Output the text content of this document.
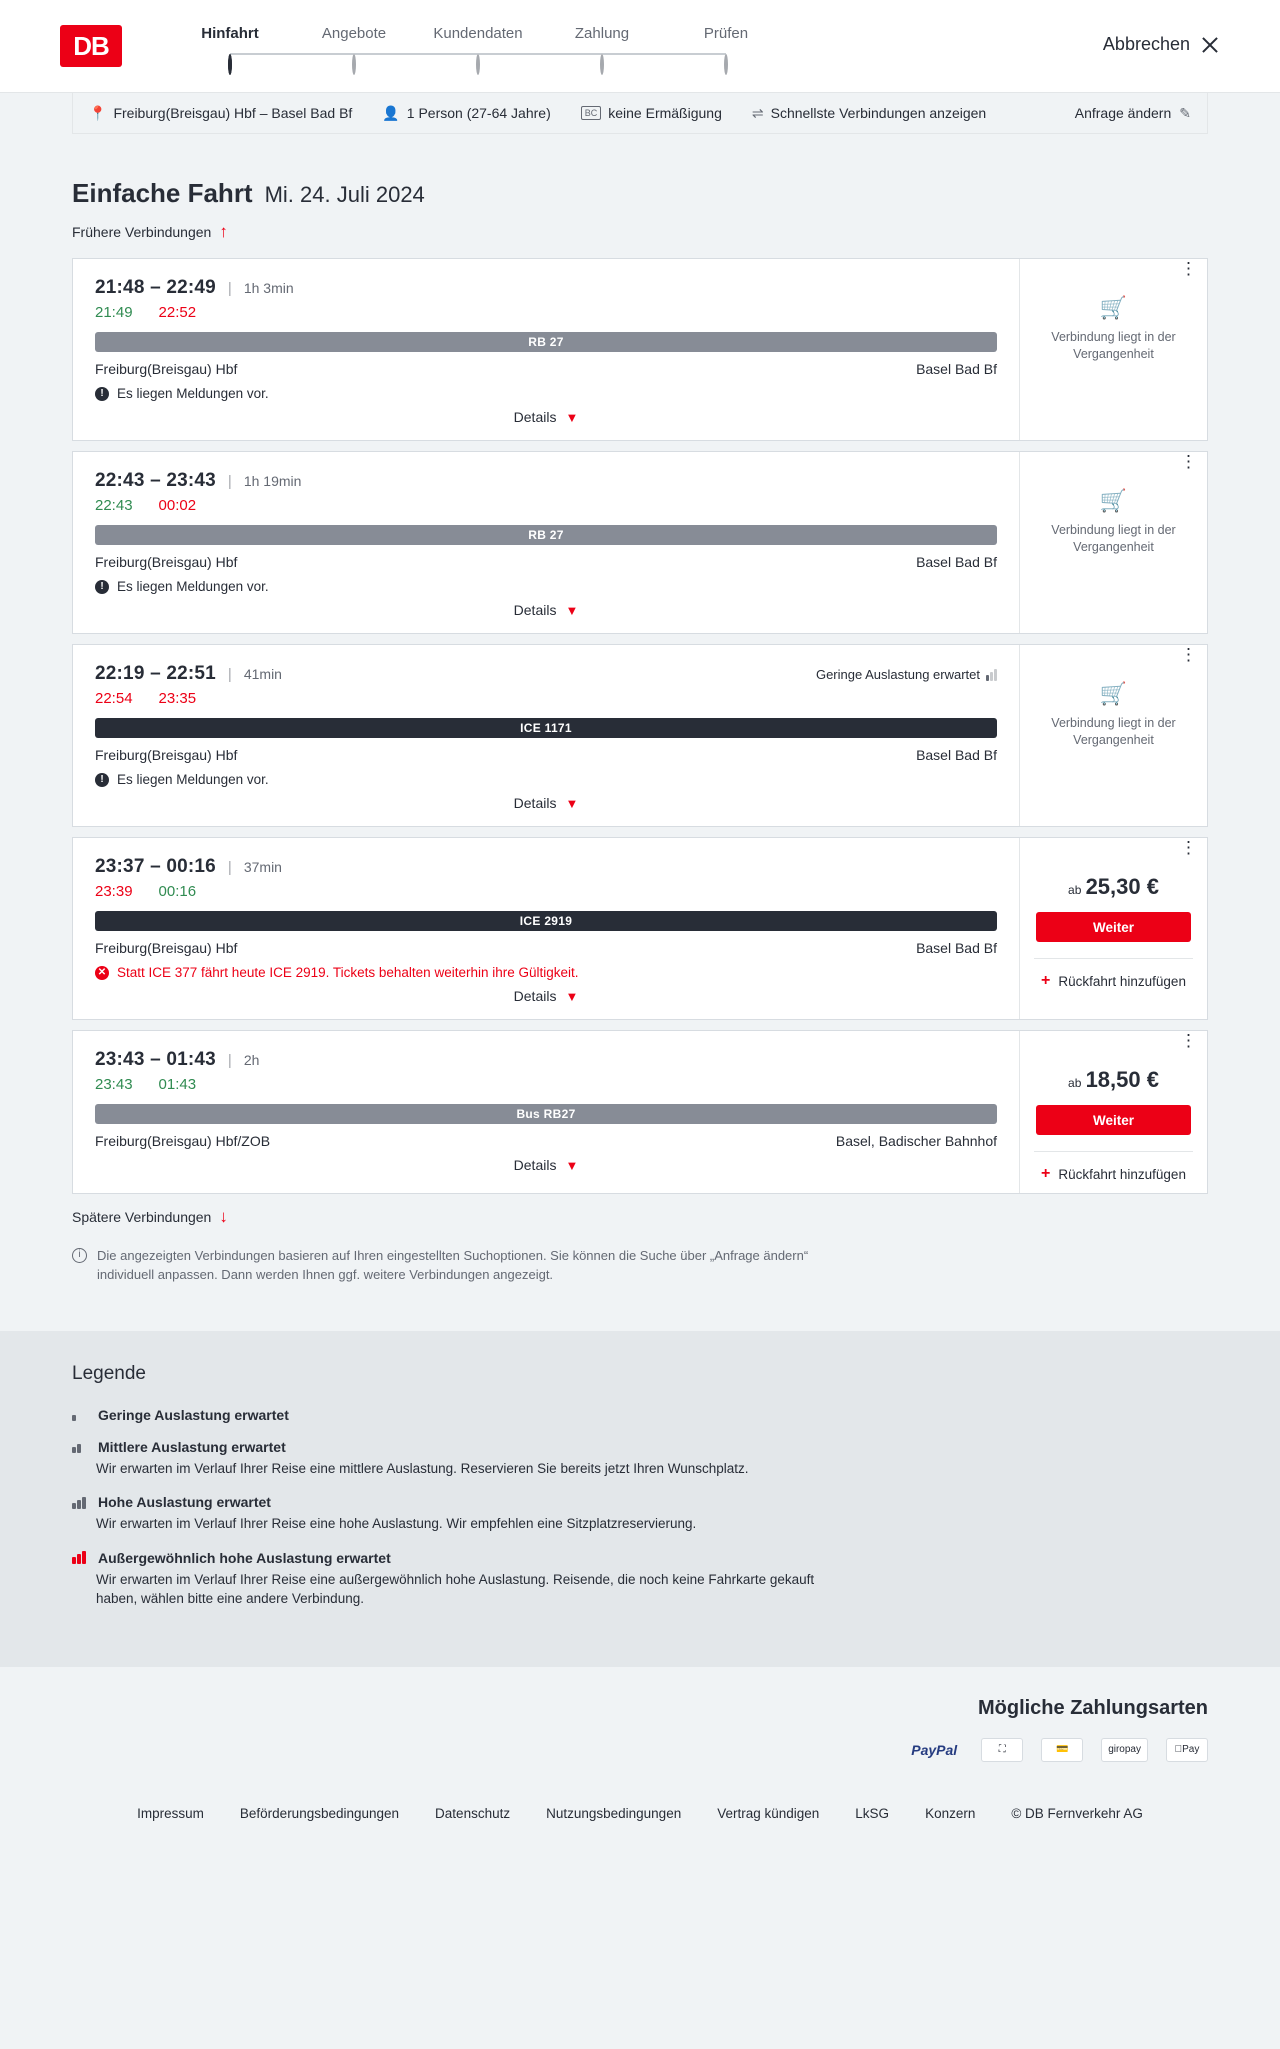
DB	Hinfahrt	Angebote	Kundendaten	Zahlung	Prüfen
Abbrechen
📍 Freiburg(Breisgau) Hbf – Basel Bad Bf 👤 1 Person (27-64 Jahre)	BC keine Ermäßigung ⇌ Schnellste Verbindungen anzeigen	Anfrage ändern ✎
Einfache Fahrt Mi. 24. Juli 2024
Frühere Verbindungen ↑
21:48 – 22:49 | 1h 3min
21:49 22:52
RB 27
Freiburg(Breisgau) Hbf	Basel Bad Bf
! Es liegen Meldungen vor.
Details ▼
⋮
🛒
Verbindung liegt in der Vergangenheit
22:43 – 23:43 | 1h 19min
22:43 00:02
RB 27
Freiburg(Breisgau) Hbf	Basel Bad Bf
! Es liegen Meldungen vor.
Details ▼
⋮
🛒
Verbindung liegt in der Vergangenheit
22:19 – 22:51 | 41min	Geringe Auslastung erwartet
22:54 23:35
ICE 1171
Freiburg(Breisgau) Hbf	Basel Bad Bf
! Es liegen Meldungen vor.
Details ▼
⋮
🛒
Verbindung liegt in der Vergangenheit
23:37 – 00:16 | 37min
23:39 00:16
ICE 2919
Freiburg(Breisgau) Hbf	Basel Bad Bf
✕ Statt ICE 377 fährt heute ICE 2919. Tickets behalten weiterhin ihre Gültigkeit.
Details ▼
⋮
ab 25,30 €
Weiter
+ Rückfahrt hinzufügen
23:43 – 01:43 | 2h
23:43 01:43
Bus RB27
Freiburg(Breisgau) Hbf/ZOB	Basel, Badischer Bahnhof
Details ▼
⋮
ab 18,50 €
Weiter
+ Rückfahrt hinzufügen
Spätere Verbindungen ↓
i	Die angezeigten Verbindungen basieren auf Ihren eingestellten Suchoptionen. Sie können die Suche über „Anfrage ändern“ individuell anpassen. Dann werden Ihnen ggf. weitere Verbindungen angezeigt.
Legende
Geringe Auslastung erwartet
Mittlere Auslastung erwartet
Wir erwarten im Verlauf Ihrer Reise eine mittlere Auslastung. Reservieren Sie bereits jetzt Ihren Wunschplatz.
Hohe Auslastung erwartet
Wir erwarten im Verlauf Ihrer Reise eine hohe Auslastung. Wir empfehlen eine Sitzplatzreservierung.
Außergewöhnlich hohe Auslastung erwartet
Wir erwarten im Verlauf Ihrer Reise eine außergewöhnlich hohe Auslastung. Reisende, die noch keine Fahrkarte gekauft haben, wählen bitte eine andere Verbindung.
Mögliche Zahlungsarten
PayPal	⛶	💳	giropay	Pay
Impressum	Beförderungsbedingungen	Datenschutz	Nutzungsbedingungen	Vertrag kündigen	LkSG	Konzern	© DB Fernverkehr AG
